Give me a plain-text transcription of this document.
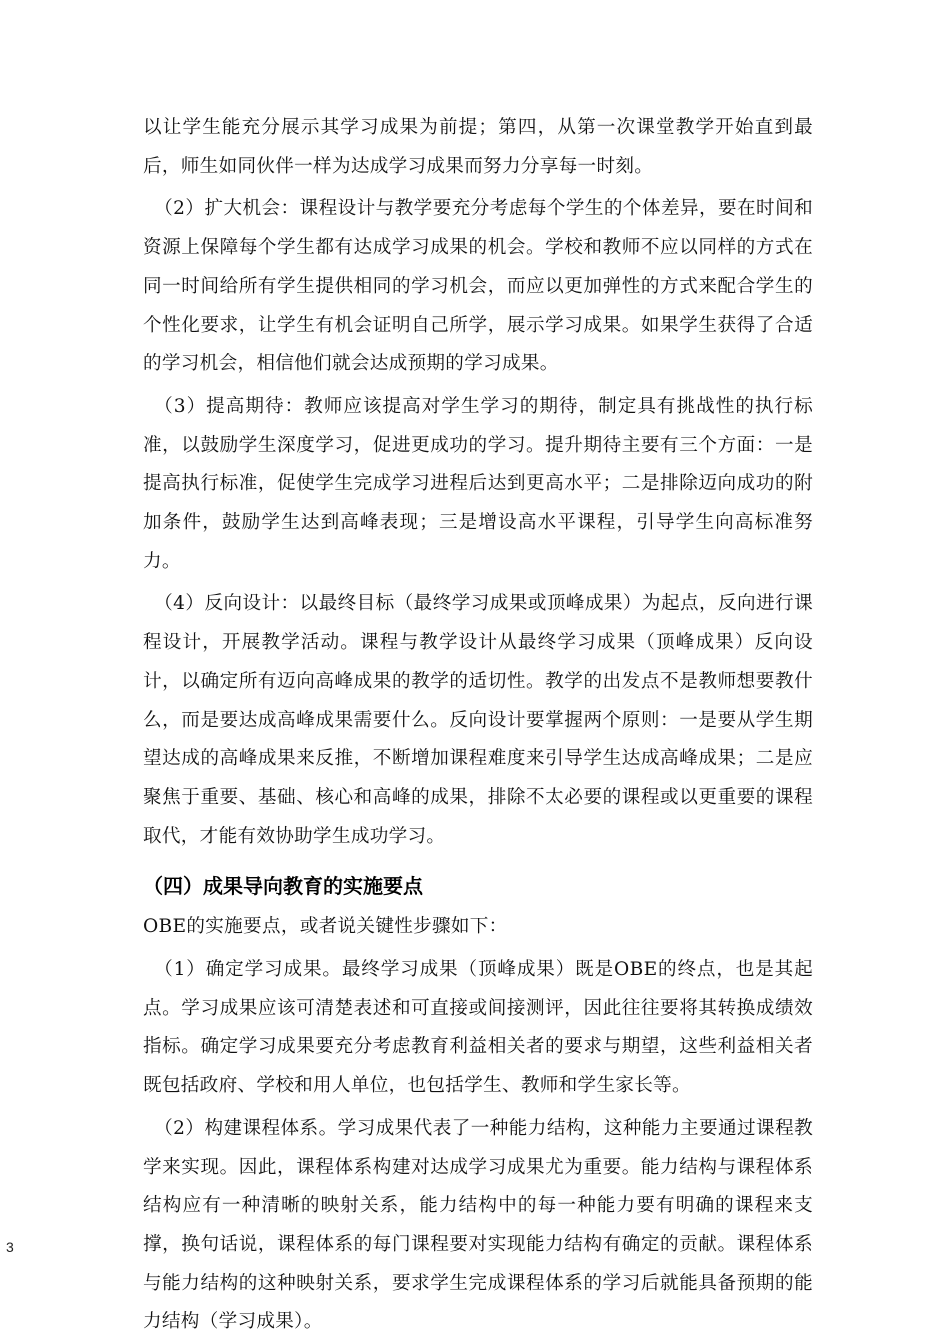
以让学生能充分展示其学习成果为前提；第四，从第一次课堂教学开始直到最后，师生如同伙伴一样为达成学习成果而努力分享每一时刻。

（2）扩大机会：课程设计与教学要充分考虑每个学生的个体差异，要在时间和资源上保障每个学生都有达成学习成果的机会。学校和教师不应以同样的方式在同一时间给所有学生提供相同的学习机会，而应以更加弹性的方式来配合学生的个性化要求，让学生有机会证明自己所学，展示学习成果。如果学生获得了合适的学习机会，相信他们就会达成预期的学习成果。

（3）提高期待：教师应该提高对学生学习的期待，制定具有挑战性的执行标准，以鼓励学生深度学习，促进更成功的学习。提升期待主要有三个方面：一是提高执行标准，促使学生完成学习进程后达到更高水平；二是排除迈向成功的附加条件，鼓励学生达到高峰表现；三是增设高水平课程，引导学生向高标准努力。

（4）反向设计：以最终目标（最终学习成果或顶峰成果）为起点，反向进行课程设计，开展教学活动。课程与教学设计从最终学习成果（顶峰成果）反向设计，以确定所有迈向高峰成果的教学的适切性。教学的出发点不是教师想要教什么，而是要达成高峰成果需要什么。反向设计要掌握两个原则：一是要从学生期望达成的高峰成果来反推，不断增加课程难度来引导学生达成高峰成果；二是应聚焦于重要、基础、核心和高峰的成果，排除不太必要的课程或以更重要的课程取代，才能有效协助学生成功学习。

（四）成果导向教育的实施要点

OBE的实施要点，或者说关键性步骤如下：

（1）确定学习成果。最终学习成果（顶峰成果）既是OBE的终点，也是其起点。学习成果应该可清楚表述和可直接或间接测评，因此往往要将其转换成绩效指标。确定学习成果要充分考虑教育利益相关者的要求与期望，这些利益相关者既包括政府、学校和用人单位，也包括学生、教师和学生家长等。

（2）构建课程体系。学习成果代表了一种能力结构，这种能力主要通过课程教学来实现。因此，课程体系构建对达成学习成果尤为重要。能力结构与课程体系结构应有一种清晰的映射关系，能力结构中的每一种能力要有明确的课程来支撑，换句话说，课程体系的每门课程要对实现能力结构有确定的贡献。课程体系与能力结构的这种映射关系，要求学生完成课程体系的学习后就能具备预期的能力结构（学习成果）。

3
